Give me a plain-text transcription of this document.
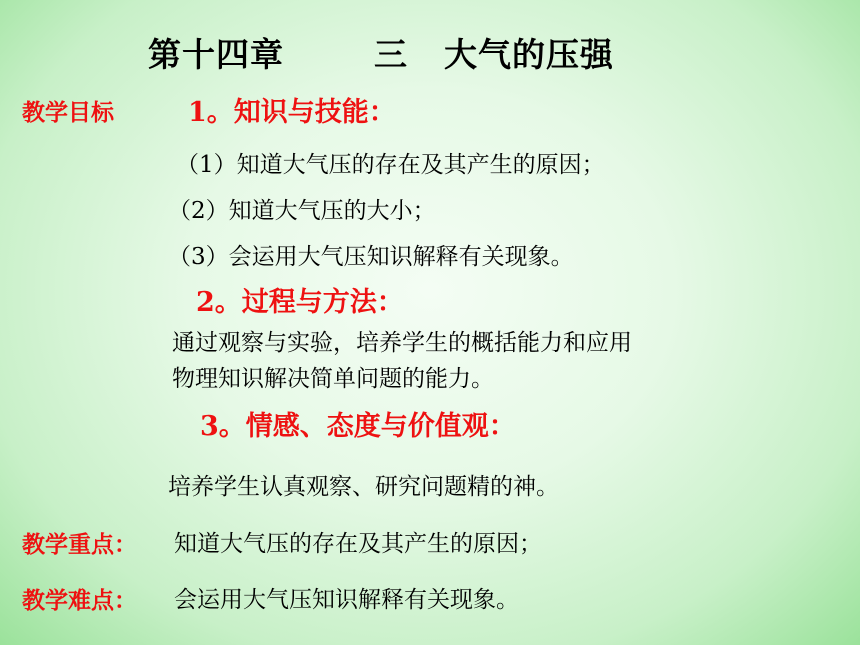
第十四章	三 大气的压强
教学目标	1。知识与技能：
（1）知道大气压的存在及其产生的原因；
（2）知道大气压的大小；
（3）会运用大气压知识解释有关现象。
2。过程与方法：
通过观察与实验，培养学生的概括能力和应用
物理知识解决简单问题的能力。
3。情感、态度与价值观：
培养学生认真观察、研究问题精的神。
教学重点： 知道大气压的存在及其产生的原因；
教学难点： 会运用大气压知识解释有关现象。
